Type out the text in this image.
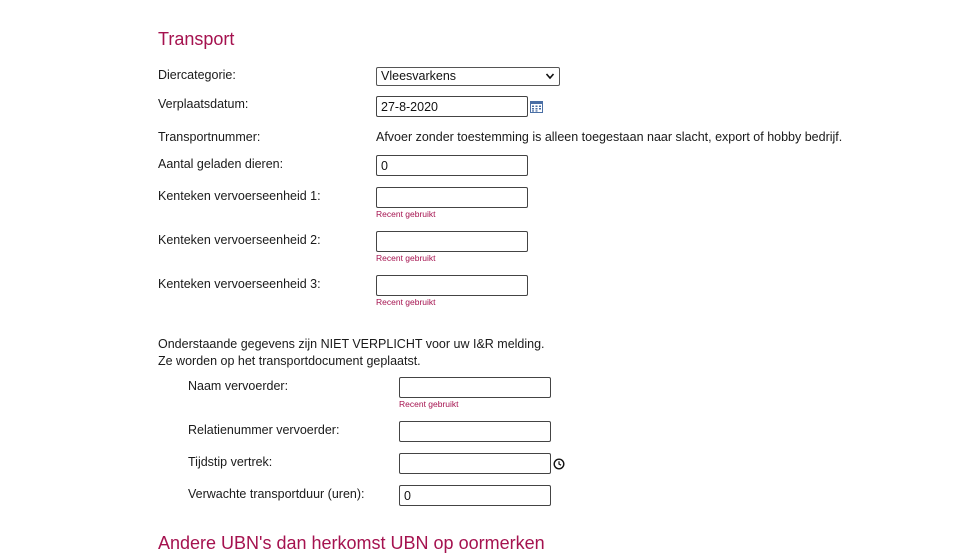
Transport
Diercategorie:	Vleesvarkens
Verplaatsdatum:
27-8-2020
Transportnummer:	Afvoer zonder toestemming is alleen toegestaan naar slacht, export of hobby bedrijf.
Aantal geladen dieren:
0
Kenteken vervoerseenheid 1:
Recent gebruikt
Kenteken vervoerseenheid 2:
Recent gebruikt
Kenteken vervoerseenheid 3:
Recent gebruikt
Onderstaande gegevens zijn NIET VERPLICHT voor uw I&R melding.
Ze worden op het transportdocument geplaatst.
Naam vervoerder:
Recent gebruikt
Relatienummer vervoerder:
Tijdstip vertrek:
Verwachte transportduur (uren):
0
Andere UBN's dan herkomst UBN op oormerken
